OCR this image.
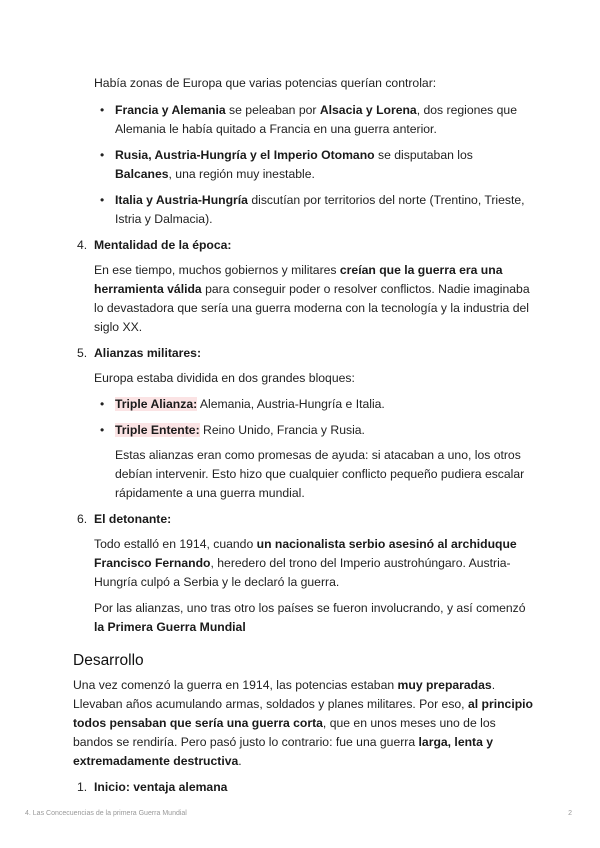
Había zonas de Europa que varias potencias querían controlar:

• Francia y Alemania se peleaban por Alsacia y Lorena, dos regiones que Alemania le había quitado a Francia en una guerra anterior.
• Rusia, Austria-Hungría y el Imperio Otomano se disputaban los Balcanes, una región muy inestable.
• Italia y Austria-Hungría discutían por territorios del norte (Trentino, Trieste, Istria y Dalmacia).
4. Mentalidad de la época:

En ese tiempo, muchos gobiernos y militares creían que la guerra era una herramienta válida para conseguir poder o resolver conflictos. Nadie imaginaba lo devastadora que sería una guerra moderna con la tecnología y la industria del siglo XX.

5. Alianzas militares:

Europa estaba dividida en dos grandes bloques:

• Triple Alianza: Alemania, Austria-Hungría e Italia.
• Triple Entente: Reino Unido, Francia y Rusia.
Estas alianzas eran como promesas de ayuda: si atacaban a uno, los otros debían intervenir. Esto hizo que cualquier conflicto pequeño pudiera escalar rápidamente a una guerra mundial.
6. El detonante:

Todo estalló en 1914, cuando un nacionalista serbio asesinó al archiduque Francisco Fernando, heredero del trono del Imperio austrohúngaro. Austria-Hungría culpó a Serbia y le declaró la guerra.

Por las alianzas, uno tras otro los países se fueron involucrando, y así comenzó la Primera Guerra Mundial

Desarrollo

Una vez comenzó la guerra en 1914, las potencias estaban muy preparadas. Llevaban años acumulando armas, soldados y planes militares. Por eso, al principio todos pensaban que sería una guerra corta, que en unos meses uno de los bandos se rendiría. Pero pasó justo lo contrario: fue una guerra larga, lenta y extremadamente destructiva.

1. Inicio: ventaja alemana
4. Las Concecuencias de la primera Guerra Mundial	2
